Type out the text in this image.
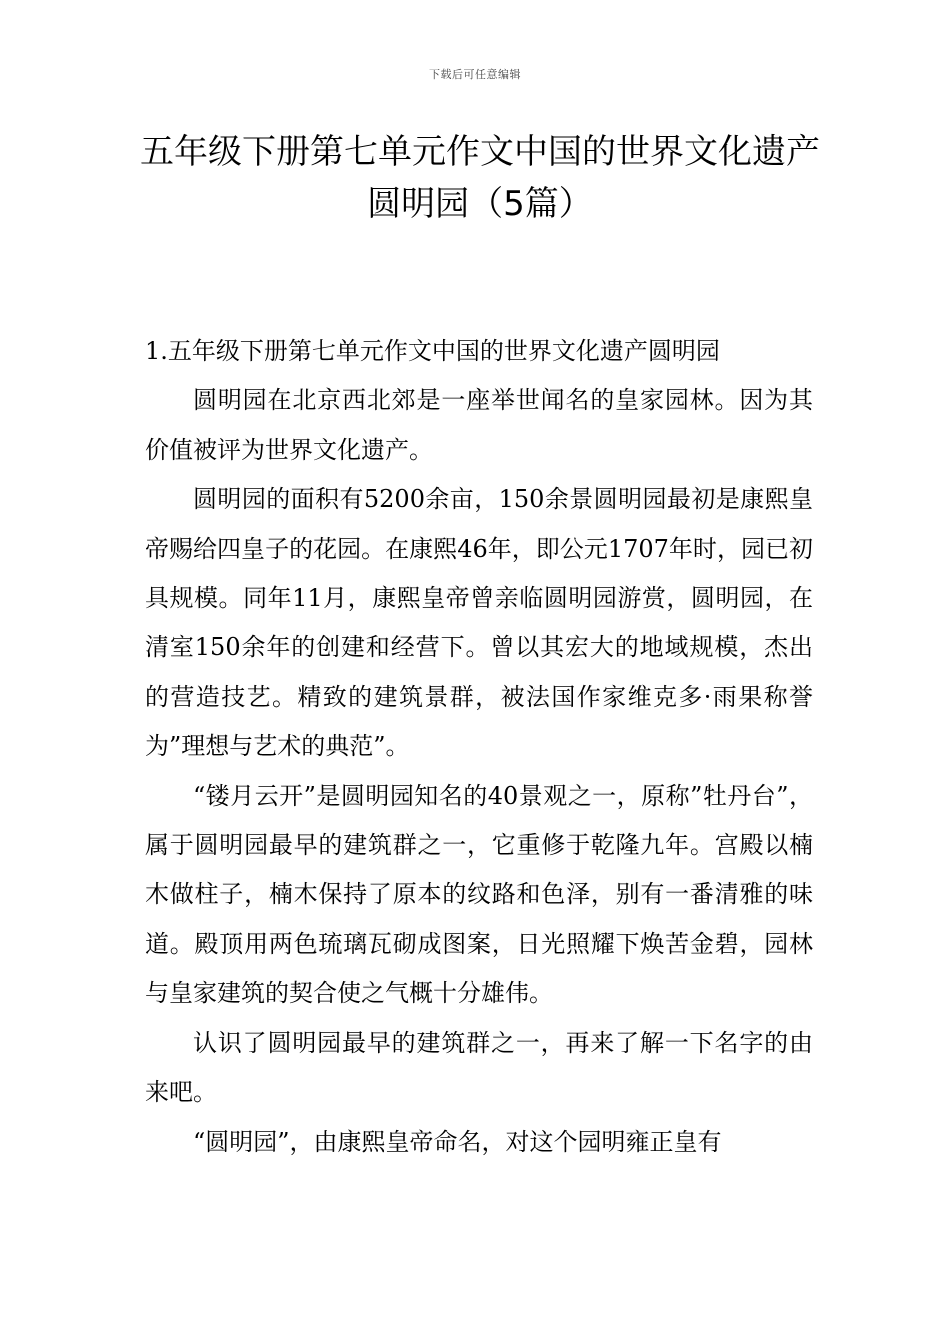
下载后可任意编辑
五年级下册第七单元作文中国的世界文化遗产圆明园（5篇）

1.五年级下册第七单元作文中国的世界文化遗产圆明园

圆明园在北京西北郊是一座举世闻名的皇家园林。因为其价值被评为世界文化遗产。

圆明园的面积有5200余亩，150余景圆明园最初是康熙皇帝赐给四皇子的花园。在康熙46年，即公元1707年时，园已初具规模。同年11月，康熙皇帝曾亲临圆明园游赏，圆明园，在清室150余年的创建和经营下。曾以其宏大的地域规模，杰出的营造技艺。精致的建筑景群，被法国作家维克多·雨果称誉为”理想与艺术的典范”。

“镂月云开”是圆明园知名的40景观之一，原称”牡丹台”，属于圆明园最早的建筑群之一，它重修于乾隆九年。宫殿以楠木做柱子，楠木保持了原本的纹路和色泽，别有一番清雅的味道。殿顶用两色琉璃瓦砌成图案，日光照耀下焕苦金碧，园林与皇家建筑的契合使之气概十分雄伟。

认识了圆明园最早的建筑群之一，再来了解一下名字的由来吧。

“圆明园”，由康熙皇帝命名，对这个园明雍正皇有
